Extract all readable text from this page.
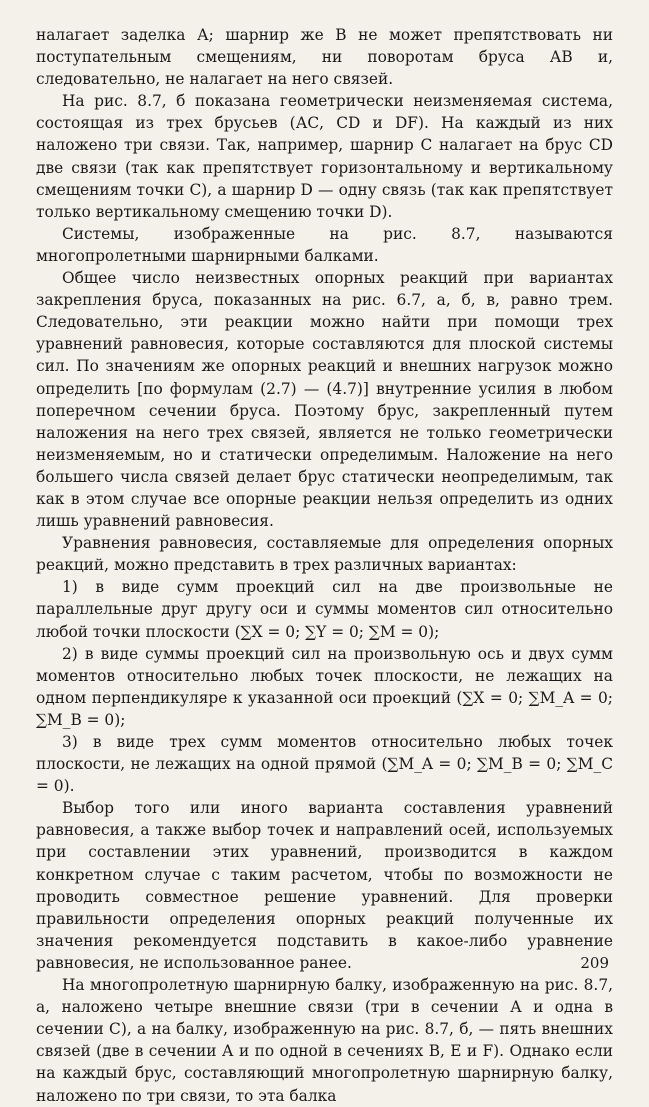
налагает заделка А; шарнир же В не может препятствовать ни поступательным смещениям, ни поворотам бруса АВ и, следовательно, не налагает на него связей.

На рис. 8.7, б показана геометрически неизменяемая система, состоящая из трех брусьев (АС, CD и DF). На каждый из них наложено три связи. Так, например, шарнир С налагает на брус CD две связи (так как препятствует горизонтальному и вертикальному смещениям точки С), а шарнир D — одну связь (так как препятствует только вертикальному смещению точки D).

Системы, изображенные на рис. 8.7, называются многопролетными шарнирными балками.

Общее число неизвестных опорных реакций при вариантах закрепления бруса, показанных на рис. 6.7, а, б, в, равно трем. Следовательно, эти реакции можно найти при помощи трех уравнений равновесия, которые составляются для плоской системы сил. По значениям же опорных реакций и внешних нагрузок можно определить [по формулам (2.7) — (4.7)] внутренние усилия в любом поперечном сечении бруса. Поэтому брус, закрепленный путем наложения на него трех связей, является не только геометрически неизменяемым, но и статически определимым. Наложение на него большего числа связей делает брус статически неопределимым, так как в этом случае все опорные реакции нельзя определить из одних лишь уравнений равновесия.

Уравнения равновесия, составляемые для определения опорных реакций, можно представить в трех различных вариантах:

1) в виде сумм проекций сил на две произвольные не параллельные друг другу оси и суммы моментов сил относительно любой точки плоскости (∑X = 0; ∑Y = 0; ∑M = 0);

2) в виде суммы проекций сил на произвольную ось и двух сумм моментов относительно любых точек плоскости, не лежащих на одном перпендикуляре к указанной оси проекций (∑X = 0; ∑M_A = 0; ∑M_B = 0);

3) в виде трех сумм моментов относительно любых точек плоскости, не лежащих на одной прямой (∑M_A = 0; ∑M_B = 0; ∑M_C = 0).

Выбор того или иного варианта составления уравнений равновесия, а также выбор точек и направлений осей, используемых при составлении этих уравнений, производится в каждом конкретном случае с таким расчетом, чтобы по возможности не проводить совместное решение уравнений. Для проверки правильности определения опорных реакций полученные их значения рекомендуется подставить в какое-либо уравнение равновесия, не использованное ранее.

На многопролетную шарнирную балку, изображенную на рис. 8.7, а, наложено четыре внешние связи (три в сечении А и одна в сечении С), а на балку, изображенную на рис. 8.7, б, — пять внешних связей (две в сечении А и по одной в сечениях В, Е и F). Однако если на каждый брус, составляющий многопролетную шарнирную балку, наложено по три связи, то эта балка

209
